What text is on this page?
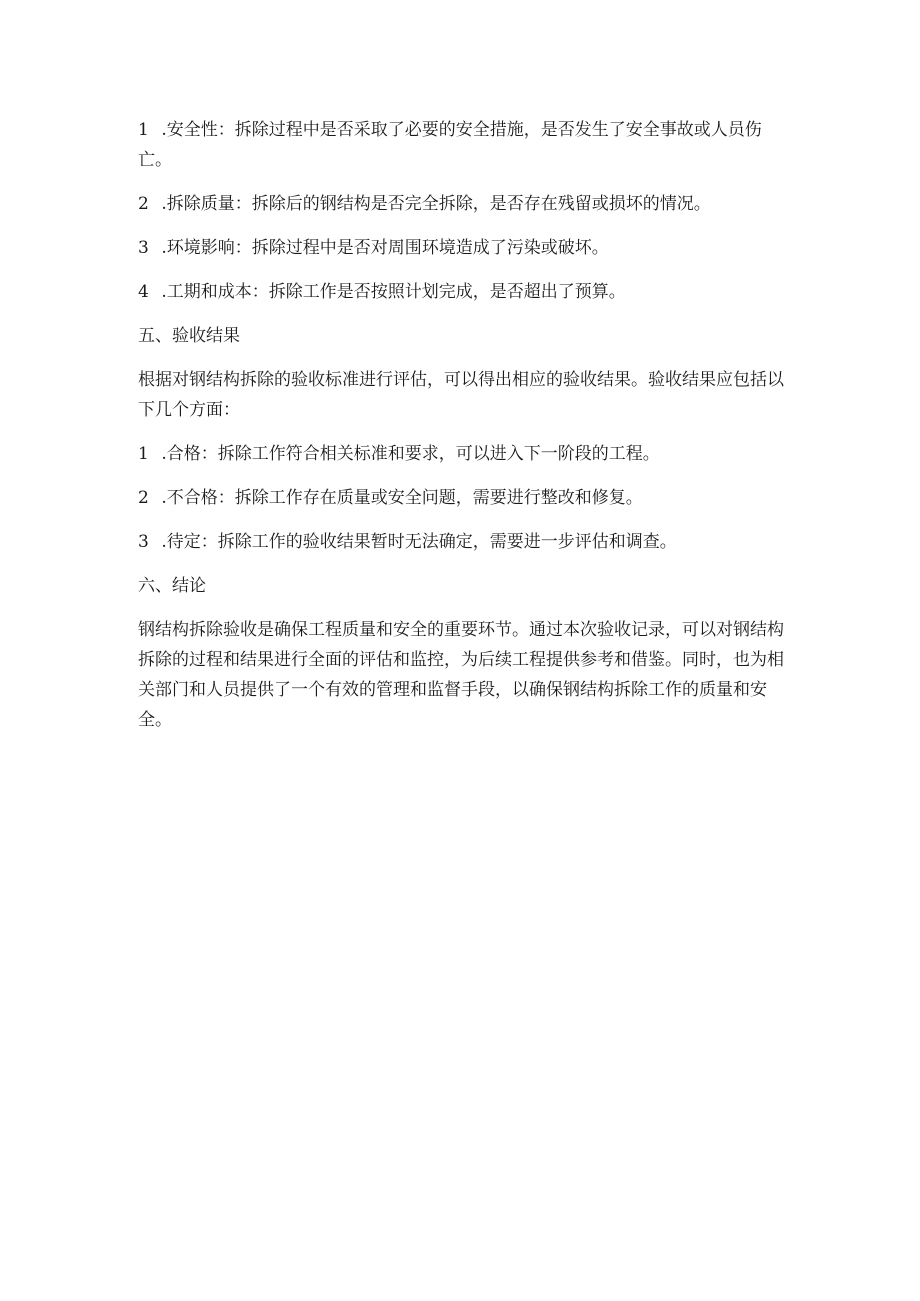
1 .安全性：拆除过程中是否采取了必要的安全措施，是否发生了安全事故或人员伤亡。

2 .拆除质量：拆除后的钢结构是否完全拆除，是否存在残留或损坏的情况。

3 .环境影响：拆除过程中是否对周围环境造成了污染或破坏。

4 .工期和成本：拆除工作是否按照计划完成，是否超出了预算。

五、验收结果

根据对钢结构拆除的验收标准进行评估，可以得出相应的验收结果。验收结果应包括以下几个方面：

1 .合格：拆除工作符合相关标准和要求，可以进入下一阶段的工程。

2 .不合格：拆除工作存在质量或安全问题，需要进行整改和修复。

3 .待定：拆除工作的验收结果暂时无法确定，需要进一步评估和调查。

六、结论

钢结构拆除验收是确保工程质量和安全的重要环节。通过本次验收记录，可以对钢结构拆除的过程和结果进行全面的评估和监控，为后续工程提供参考和借鉴。同时，也为相关部门和人员提供了一个有效的管理和监督手段，以确保钢结构拆除工作的质量和安全。
